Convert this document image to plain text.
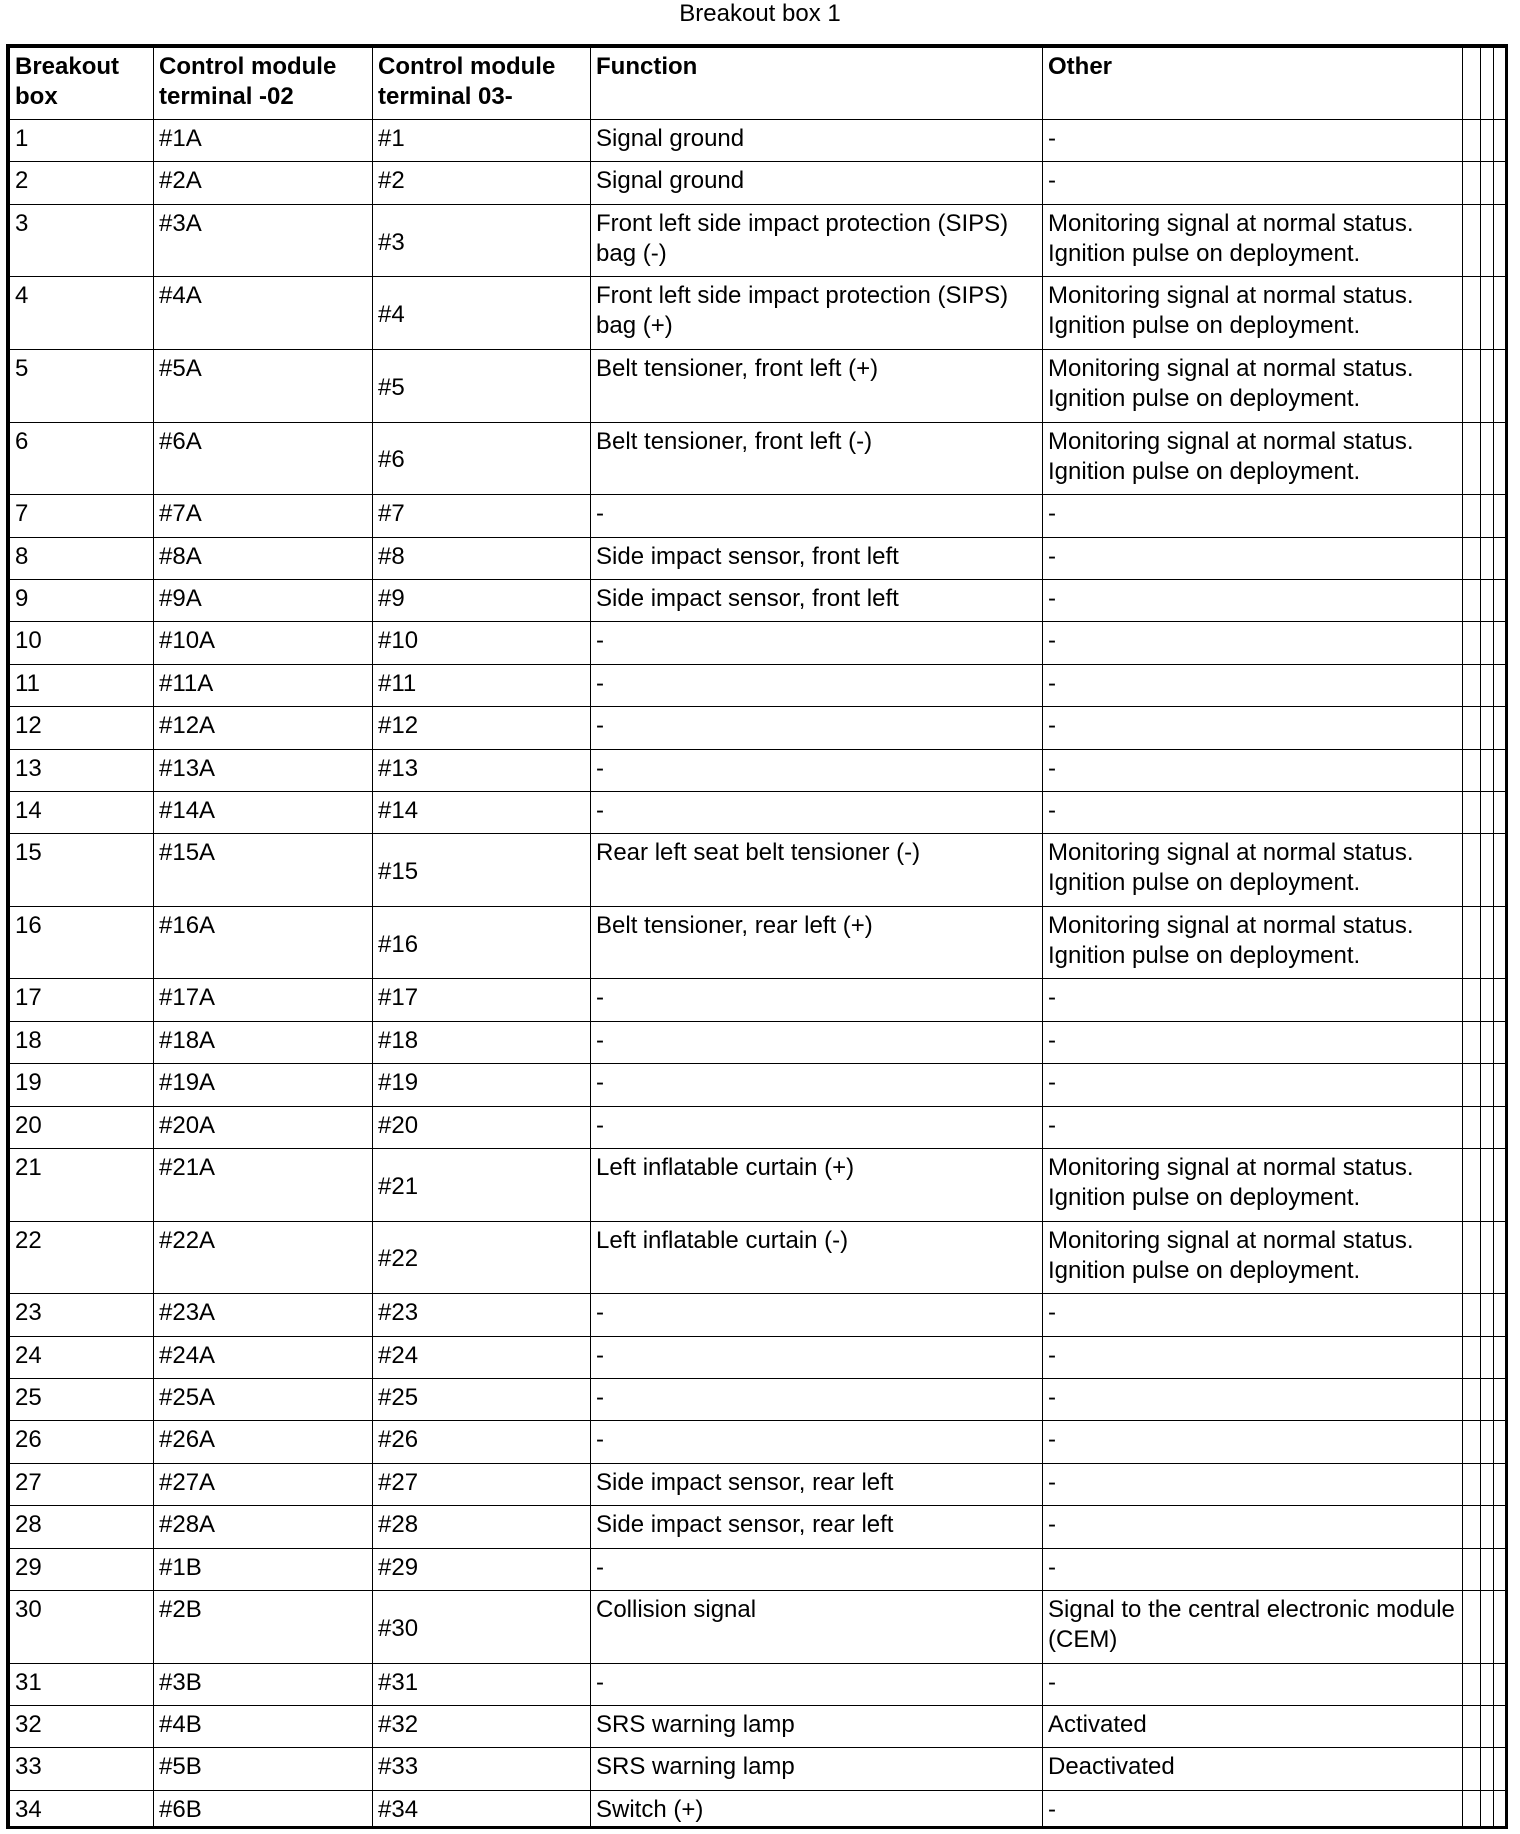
Breakout box 1
Breakout box	Control module terminal -02	Control module terminal 03-	Function	Other			
1	#1A	#1	Signal ground	-			
2	#2A	#2	Signal ground	-			
3	#3A	#3	Front left side impact protection (SIPS) bag (-)	Monitoring signal at normal status. Ignition pulse on deployment.			
4	#4A	#4	Front left side impact protection (SIPS) bag (+)	Monitoring signal at normal status. Ignition pulse on deployment.			
5	#5A	#5	Belt tensioner, front left (+)	Monitoring signal at normal status. Ignition pulse on deployment.			
6	#6A	#6	Belt tensioner, front left (-)	Monitoring signal at normal status. Ignition pulse on deployment.			
7	#7A	#7	-	-			
8	#8A	#8	Side impact sensor, front left	-			
9	#9A	#9	Side impact sensor, front left	-			
10	#10A	#10	-	-			
11	#11A	#11	-	-			
12	#12A	#12	-	-			
13	#13A	#13	-	-			
14	#14A	#14	-	-			
15	#15A	#15	Rear left seat belt tensioner (-)	Monitoring signal at normal status. Ignition pulse on deployment.			
16	#16A	#16	Belt tensioner, rear left (+)	Monitoring signal at normal status. Ignition pulse on deployment.			
17	#17A	#17	-	-			
18	#18A	#18	-	-			
19	#19A	#19	-	-			
20	#20A	#20	-	-			
21	#21A	#21	Left inflatable curtain (+)	Monitoring signal at normal status. Ignition pulse on deployment.			
22	#22A	#22	Left inflatable curtain (-)	Monitoring signal at normal status. Ignition pulse on deployment.			
23	#23A	#23	-	-			
24	#24A	#24	-	-			
25	#25A	#25	-	-			
26	#26A	#26	-	-			
27	#27A	#27	Side impact sensor, rear left	-			
28	#28A	#28	Side impact sensor, rear left	-			
29	#1B	#29	-	-			
30	#2B	#30	Collision signal	Signal to the central electronic module (CEM)			
31	#3B	#31	-	-			
32	#4B	#32	SRS warning lamp	Activated			
33	#5B	#33	SRS warning lamp	Deactivated			
34	#6B	#34	Switch (+)	-			
